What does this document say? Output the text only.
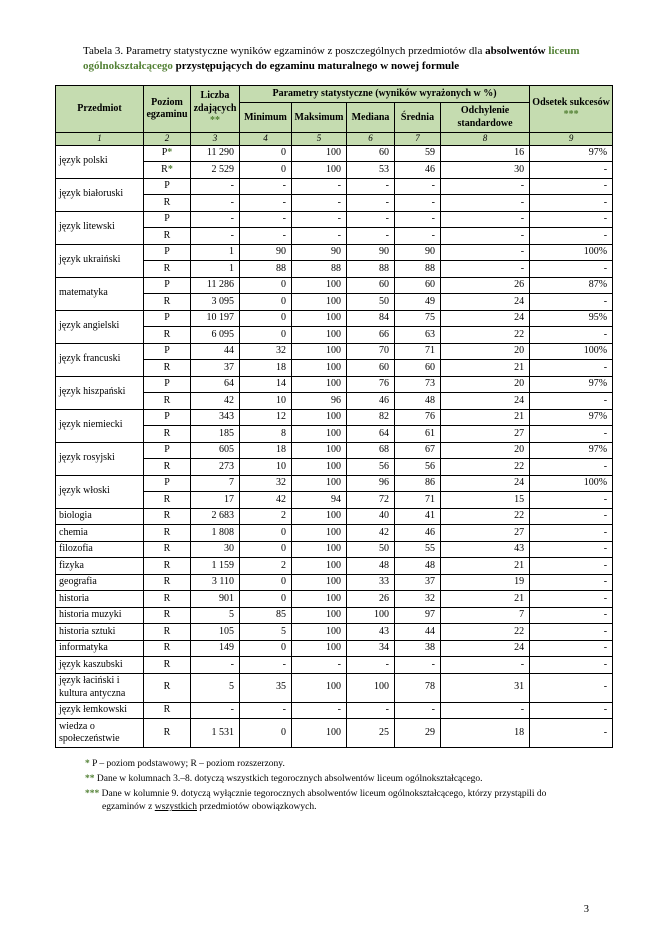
Tabela 3. Parametry statystyczne wyników egzaminów z poszczególnych przedmiotów dla absolwentów liceum ogólnokształcącego przystępujących do egzaminu maturalnego w nowej formule
Przedmiot	Poziom egzaminu	Liczba zdających
**	Parametry statystyczne (wyników wyrażonych w %)					Odsetek sukcesów
***
			Minimum	Maksimum	Mediana	Średnia	Odchylenie standardowe	
1	2	3	4	5	6	7	8	9
język polski	P*	11 290	0	100	60	59	16	97%
	R*	2 529	0	100	53	46	30	-
język białoruski	P	-	-	-	-	-	-	-
	R	-	-	-	-	-	-	-
język litewski	P	-	-	-	-	-	-	-
	R	-	-	-	-	-	-	-
język ukraiński	P	1	90	90	90	90	-	100%
	R	1	88	88	88	88	-	-
matematyka	P	11 286	0	100	60	60	26	87%
	R	3 095	0	100	50	49	24	-
język angielski	P	10 197	0	100	84	75	24	95%
	R	6 095	0	100	66	63	22	-
język francuski	P	44	32	100	70	71	20	100%
	R	37	18	100	60	60	21	-
język hiszpański	P	64	14	100	76	73	20	97%
	R	42	10	96	46	48	24	-
język niemiecki	P	343	12	100	82	76	21	97%
	R	185	8	100	64	61	27	-
język rosyjski	P	605	18	100	68	67	20	97%
	R	273	10	100	56	56	22	-
język włoski	P	7	32	100	96	86	24	100%
	R	17	42	94	72	71	15	-
biologia	R	2 683	2	100	40	41	22	-
chemia	R	1 808	0	100	42	46	27	-
filozofia	R	30	0	100	50	55	43	-
fizyka	R	1 159	2	100	48	48	21	-
geografia	R	3 110	0	100	33	37	19	-
historia	R	901	0	100	26	32	21	-
historia muzyki	R	5	85	100	100	97	7	-
historia sztuki	R	105	5	100	43	44	22	-
informatyka	R	149	0	100	34	38	24	-
język kaszubski	R	-	-	-	-	-	-	-
język łaciński i kultura antyczna	R	5	35	100	100	78	31	-
język łemkowski	R	-	-	-	-	-	-	-
wiedza o społeczeństwie	R	1 531	0	100	25	29	18	-
* P – poziom podstawowy; R – poziom rozszerzony.
** Dane w kolumnach 3.–8. dotyczą wszystkich tegorocznych absolwentów liceum ogólnokształcącego.
*** Dane w kolumnie 9. dotyczą wyłącznie tegorocznych absolwentów liceum ogólnokształcącego, którzy przystąpili do egzaminów z wszystkich przedmiotów obowiązkowych.
3
